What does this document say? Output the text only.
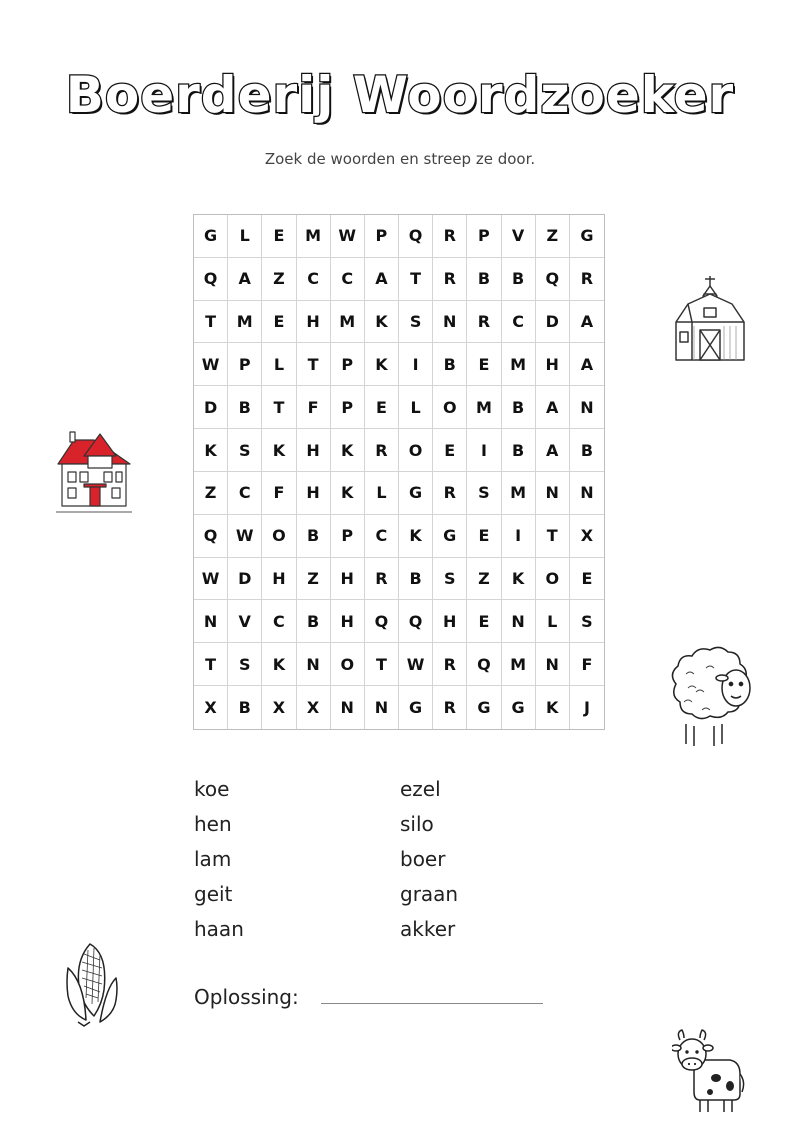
Boerderij Woordzoeker
Zoek de woorden en streep ze door.
G	L	E	M	W	P	Q	R	P	V	Z	G
Q	A	Z	C	C	A	T	R	B	B	Q	R
T	M	E	H	M	K	S	N	R	C	D	A
W	P	L	T	P	K	I	B	E	M	H	A
D	B	T	F	P	E	L	O	M	B	A	N
K	S	K	H	K	R	O	E	I	B	A	B
Z	C	F	H	K	L	G	R	S	M	N	N
Q	W	O	B	P	C	K	G	E	I	T	X
W	D	H	Z	H	R	B	S	Z	K	O	E
N	V	C	B	H	Q	Q	H	E	N	L	S
T	S	K	N	O	T	W	R	Q	M	N	F
X	B	X	X	N	N	G	R	G	G	K	J
koe
hen
lam
geit
haan
ezel
silo
boer
graan
akker
Oplossing:
